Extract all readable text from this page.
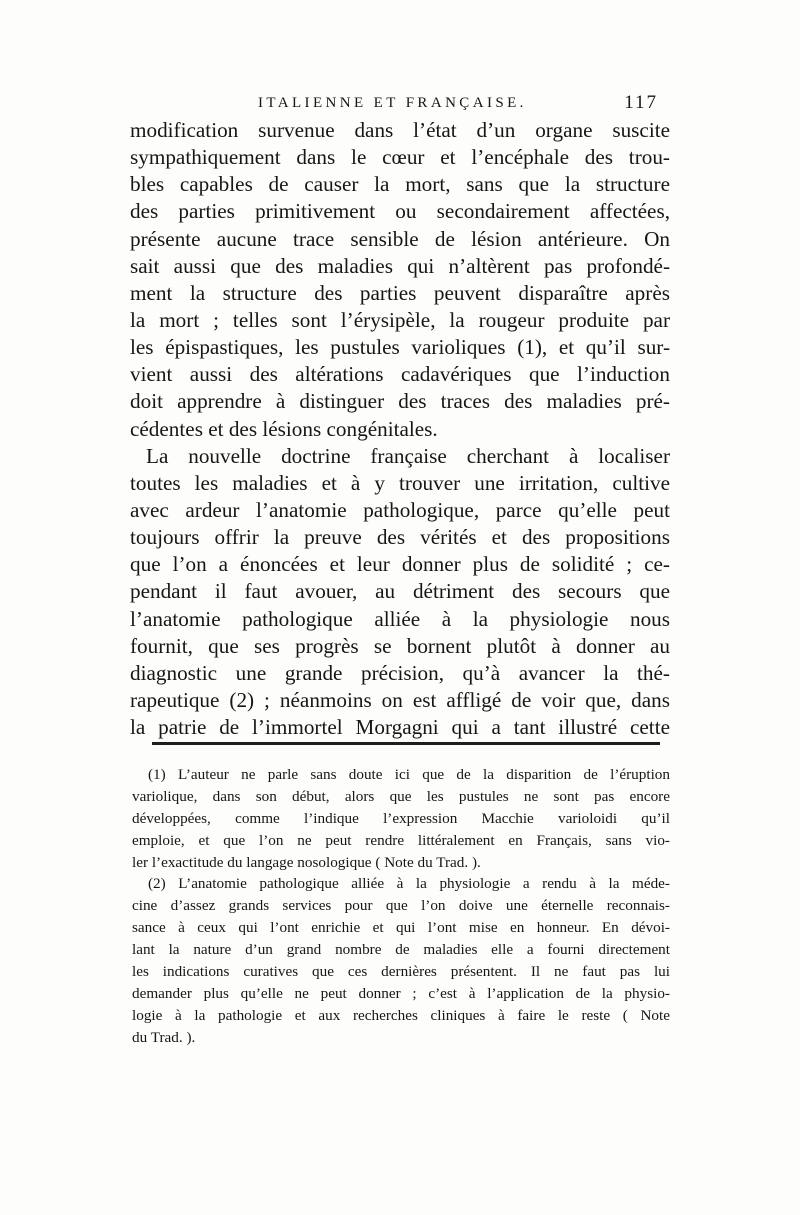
ITALIENNE ET FRANÇAISE.	117
modification survenue dans l’état d’un organe suscite
sympathiquement dans le cœur et l’encéphale des trou-
bles capables de causer la mort, sans que la structure
des parties primitivement ou secondairement affectées,
présente aucune trace sensible de lésion antérieure. On
sait aussi que des maladies qui n’altèrent pas profondé-
ment la structure des parties peuvent disparaître après
la mort ; telles sont l’érysipèle, la rougeur produite par
les épispastiques, les pustules varioliques (1), et qu’il sur-
vient aussi des altérations cadavériques que l’induction
doit apprendre à distinguer des traces des maladies pré-
cédentes et des lésions congénitales.
La nouvelle doctrine française cherchant à localiser
toutes les maladies et à y trouver une irritation, cultive
avec ardeur l’anatomie pathologique, parce qu’elle peut
toujours offrir la preuve des vérités et des propositions
que l’on a énoncées et leur donner plus de solidité ; ce-
pendant il faut avouer, au détriment des secours que
l’anatomie pathologique alliée à la physiologie nous
fournit, que ses progrès se bornent plutôt à donner au
diagnostic une grande précision, qu’à avancer la thé-
rapeutique (2) ; néanmoins on est affligé de voir que, dans
la patrie de l’immortel Morgagni qui a tant illustré cette
(1) L’auteur ne parle sans doute ici que de la disparition de l’éruption
variolique, dans son début, alors que les pustules ne sont pas encore
développées, comme l’indique l’expression Macchie varioloidi qu’il
emploie, et que l’on ne peut rendre littéralement en Français, sans vio-
ler l’exactitude du langage nosologique ( Note du Trad. ).
(2) L’anatomie pathologique alliée à la physiologie a rendu à la méde-
cine d’assez grands services pour que l’on doive une éternelle reconnais-
sance à ceux qui l’ont enrichie et qui l’ont mise en honneur. En dévoi-
lant la nature d’un grand nombre de maladies elle a fourni directement
les indications curatives que ces dernières présentent. Il ne faut pas lui
demander plus qu’elle ne peut donner ; c’est à l’application de la physio-
logie à la pathologie et aux recherches cliniques à faire le reste ( Note
du Trad. ).
